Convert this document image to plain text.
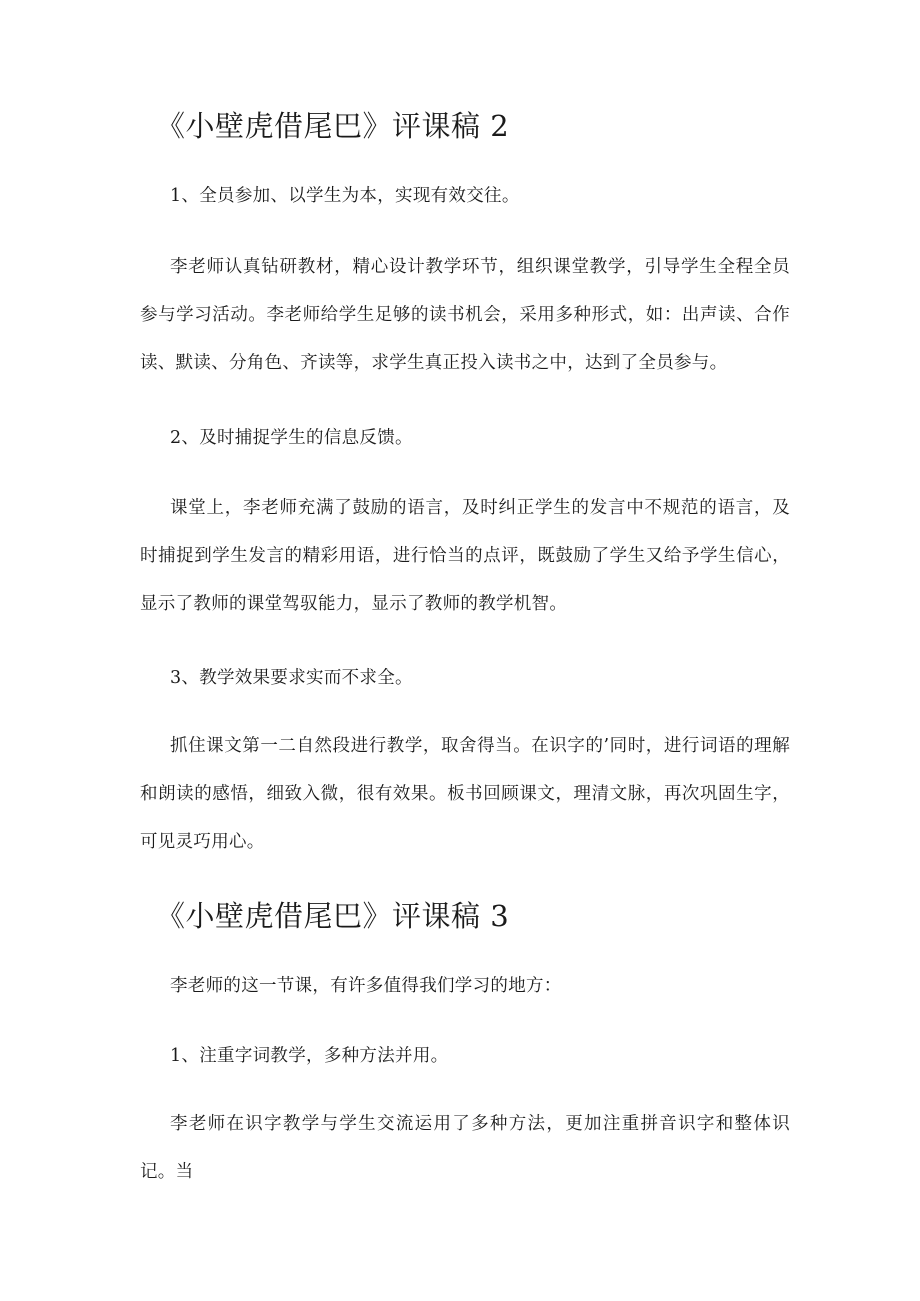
《小壁虎借尾巴》评课稿 2

1、全员参加、以学生为本，实现有效交往。

李老师认真钻研教材，精心设计教学环节，组织课堂教学，引导学生全程全员参与学习活动。李老师给学生足够的读书机会，采用多种形式，如：出声读、合作读、默读、分角色、齐读等，求学生真正投入读书之中，达到了全员参与。

2、及时捕捉学生的信息反馈。

课堂上，李老师充满了鼓励的语言，及时纠正学生的发言中不规范的语言，及时捕捉到学生发言的精彩用语，进行恰当的点评，既鼓励了学生又给予学生信心，显示了教师的课堂驾驭能力，显示了教师的教学机智。

3、教学效果要求实而不求全。

抓住课文第一二自然段进行教学，取舍得当。在识字的’同时，进行词语的理解和朗读的感悟，细致入微，很有效果。板书回顾课文，理清文脉，再次巩固生字，可见灵巧用心。

《小壁虎借尾巴》评课稿 3

李老师的这一节课，有许多值得我们学习的地方：

1、注重字词教学，多种方法并用。

李老师在识字教学与学生交流运用了多种方法，更加注重拼音识字和整体识记。当
